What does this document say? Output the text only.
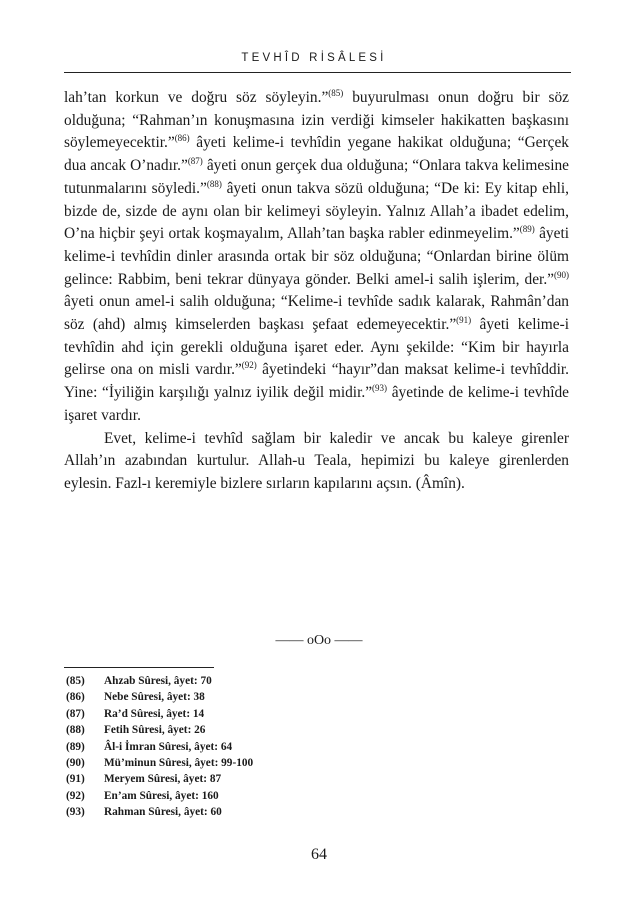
TEVHÎD RİSÂLESİ

lah’tan korkun ve doğru söz söyleyin.”$^{(85)}$ buyurulması onun doğru bir söz olduğuna; “Rahman’ın konuşmasına izin verdiği kimseler hakikatten başkasını söylemeyecektir.”$^{(86)}$ âyeti kelime-i tevhîdin yegane hakikat olduğuna; “Gerçek dua ancak O’nadır.”$^{(87)}$ âyeti onun gerçek dua olduğuna; “Onlara takva kelimesine tutunmalarını söyledi.”$^{(88)}$ âyeti onun takva sözü olduğuna; “De ki: Ey kitap ehli, bizde de, sizde de aynı olan bir kelimeyi söyleyin. Yalnız Allah’a ibadet edelim, O’na hiçbir şeyi ortak koşmayalım, Allah’tan başka rabler edinmeyelim.”$^{(89)}$ âyeti kelime-i tevhîdin dinler arasında ortak bir söz olduğuna; “Onlardan birine ölüm gelince: Rabbim, beni tekrar dünyaya gönder. Belki amel-i salih işlerim, der.”$^{(90)}$ âyeti onun amel-i salih olduğuna; “Kelime-i tevhîde sadık kalarak, Rahmân’dan söz (ahd) almış kimselerden başkası şefaat edemeyecektir.”$^{(91)}$ âyeti kelime-i tevhîdin ahd için gerekli olduğuna işaret eder. Aynı şekilde: “Kim bir hayırla gelirse ona on misli vardır.”$^{(92)}$ âyetindeki “hayır”dan maksat kelime-i tevhîddir. Yine: “İyiliğin karşılığı yalnız iyilik değil midir.”$^{(93)}$ âyetinde de kelime-i tevhîde işaret vardır.

Evet, kelime-i tevhîd sağlam bir kaledir ve ancak bu kaleye girenler Allah’ın azabından kurtulur. Allah-u Teala, hepimizi bu kaleye girenlerden eylesin. Fazl-ı keremiyle bizlere sırların kapılarını açsın. (Âmîn).

—— oOo ——
(85)	Ahzab Sûresi, âyet: 70
(86)	Nebe Sûresi, âyet: 38
(87)	Ra’d Sûresi, âyet: 14
(88)	Fetih Sûresi, âyet: 26
(89)	Âl-i İmran Sûresi, âyet: 64
(90)	Mü’minun Sûresi, âyet: 99-100
(91)	Meryem Sûresi, âyet: 87
(92)	En’am Sûresi, âyet: 160
(93)	Rahman Sûresi, âyet: 60
64
